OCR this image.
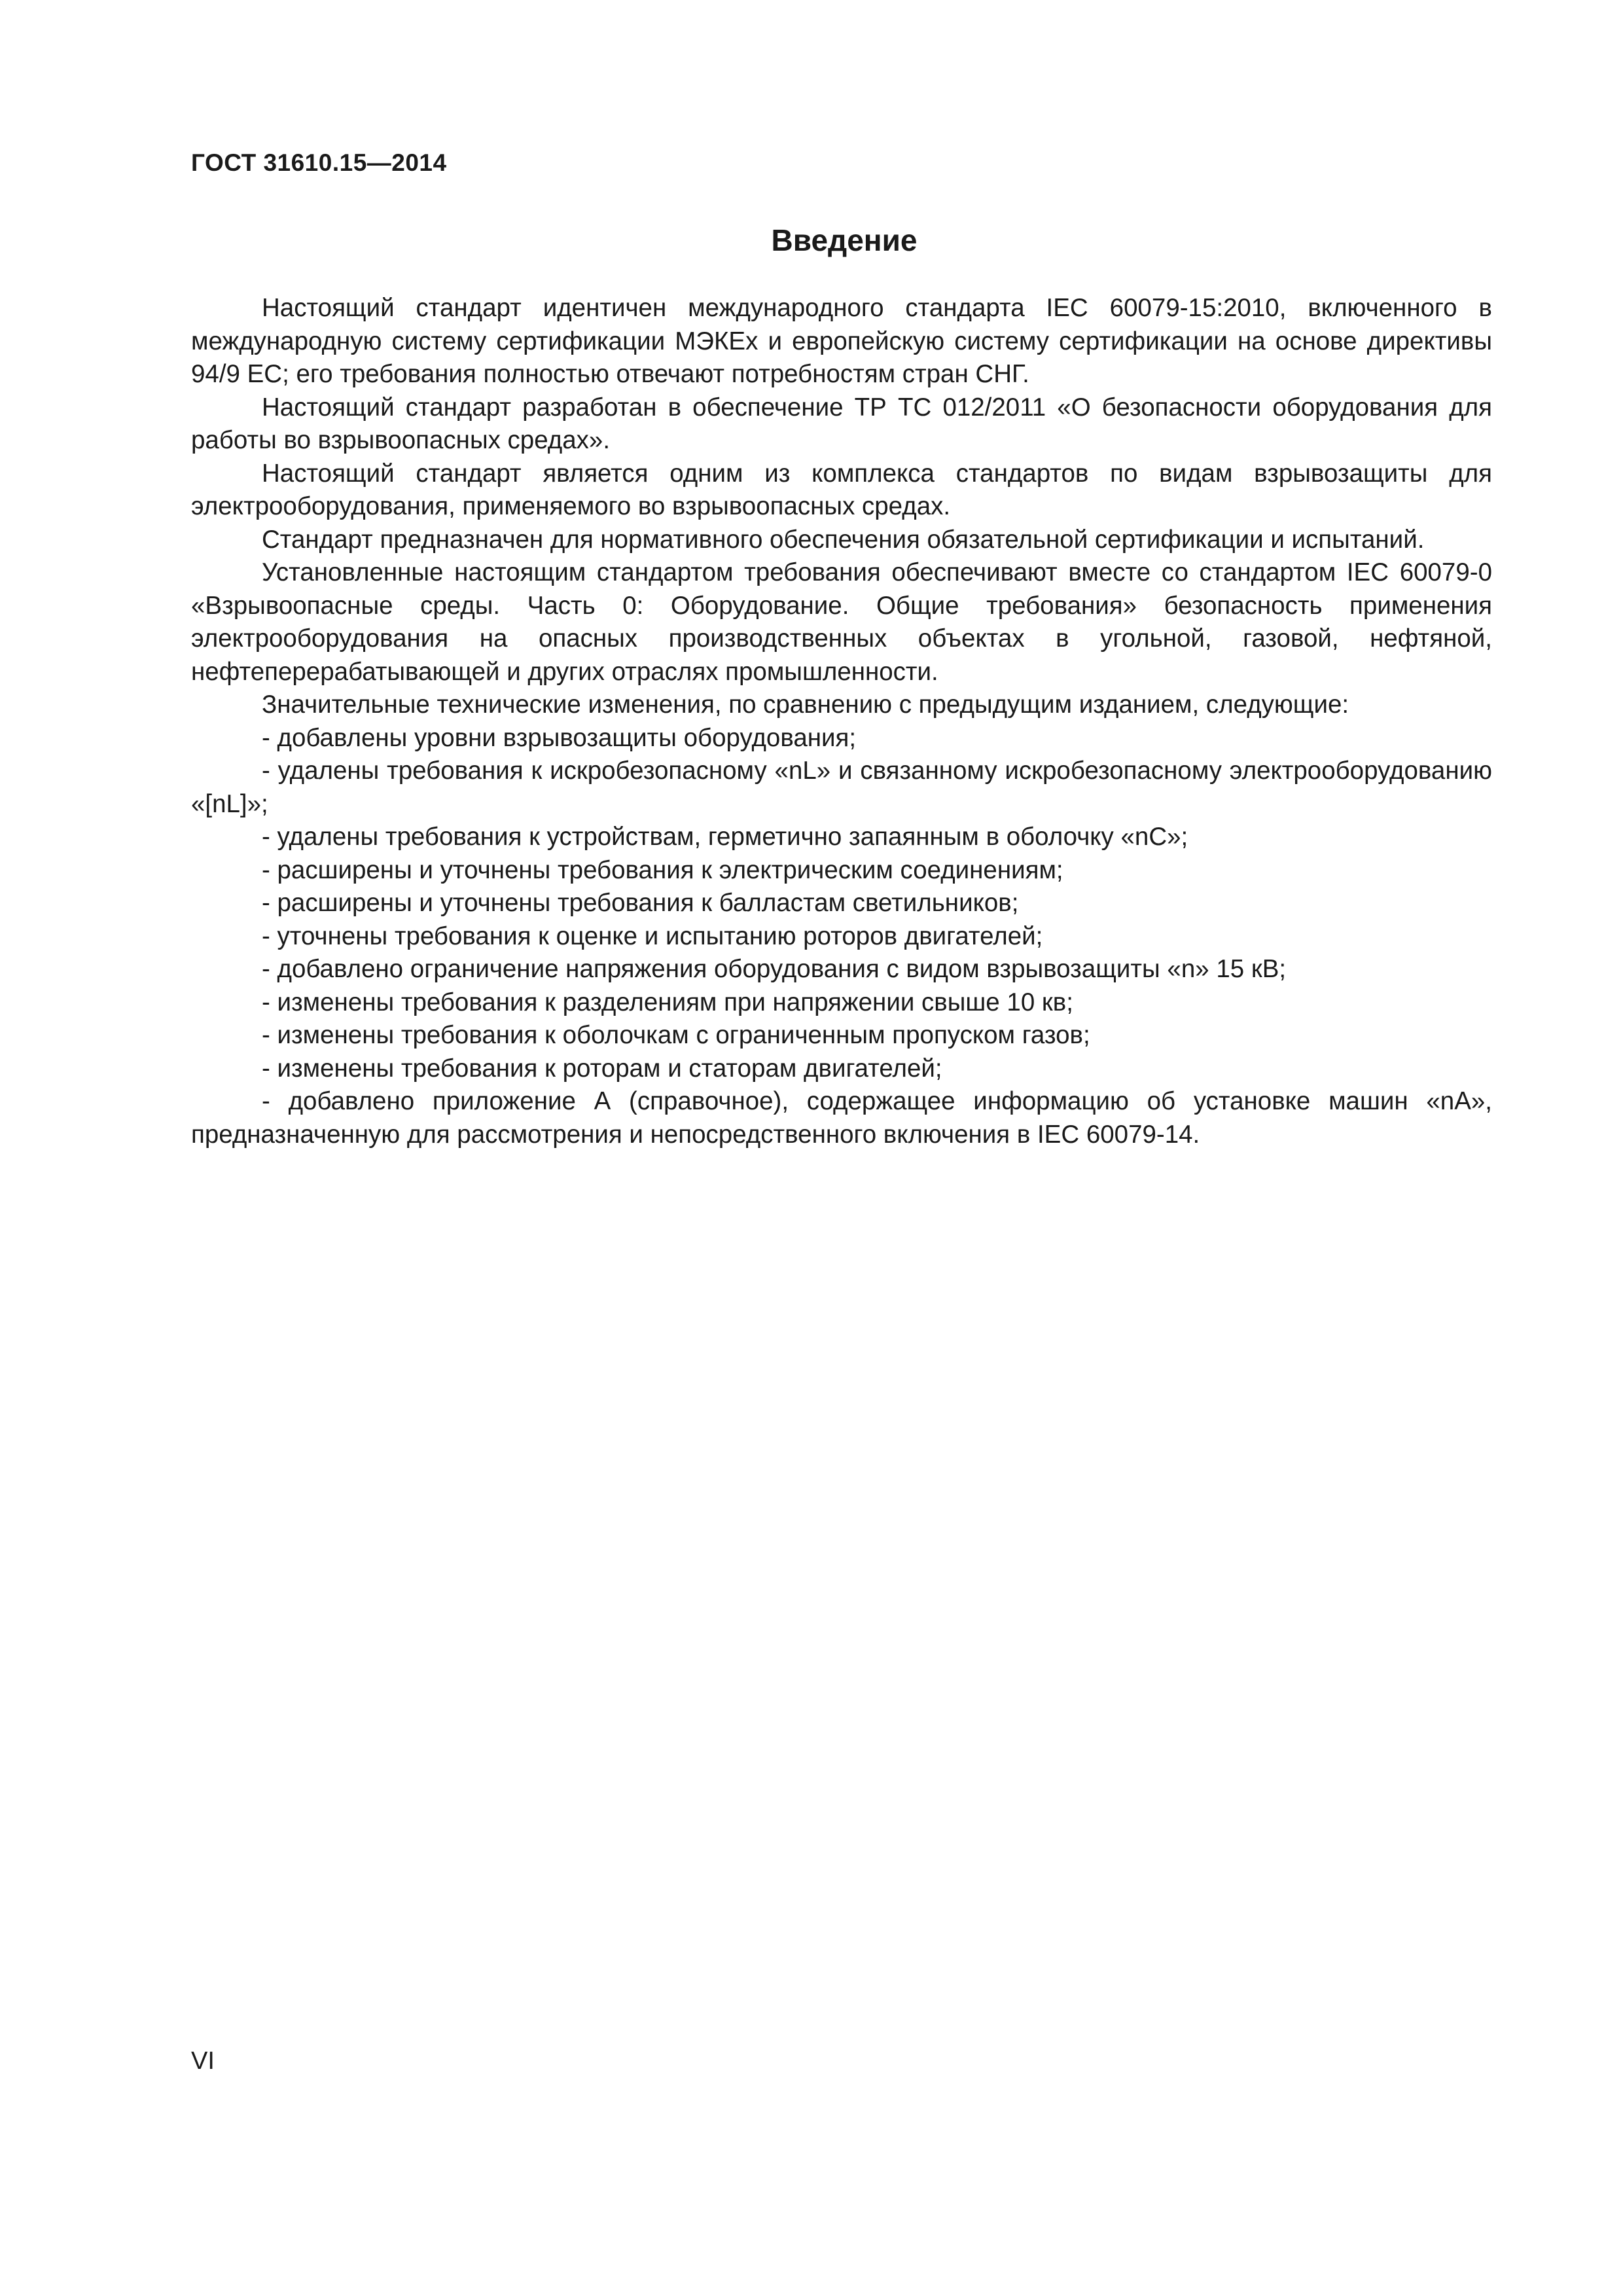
ГОСТ 31610.15—2014
Введение

Настоящий стандарт идентичен международного стандарта IEC 60079-15:2010, включенного в международную систему сертификации МЭКЕх и европейскую систему сертификации на основе директивы 94/9 ЕС; его требования полностью отвечают потребностям стран СНГ.

Настоящий стандарт разработан в обеспечение ТР ТС 012/2011 «О безопасности оборудования для работы во взрывоопасных средах».

Настоящий стандарт является одним из комплекса стандартов по видам взрывозащиты для электрооборудования, применяемого во взрывоопасных средах.

Стандарт предназначен для нормативного обеспечения обязательной сертификации и испытаний.

Установленные настоящим стандартом требования обеспечивают вместе со стандартом IEC 60079-0 «Взрывоопасные среды. Часть 0: Оборудование. Общие требования» безопасность применения электрооборудования на опасных производственных объектах в угольной, газовой, нефтяной, нефтеперерабатывающей и других отраслях промышленности.

Значительные технические изменения, по сравнению с предыдущим изданием, следующие:

- добавлены уровни взрывозащиты оборудования;

- удалены требования к искробезопасному «nL» и связанному искробезопасному электрооборудованию «[nL]»;

- удалены требования к устройствам, герметично запаянным в оболочку «nC»;

- расширены и уточнены требования к электрическим соединениям;

- расширены и уточнены требования к балластам светильников;

- уточнены требования к оценке и испытанию роторов двигателей;

- добавлено ограничение напряжения оборудования с видом взрывозащиты «n» 15 кВ;

- изменены требования к разделениям при напряжении свыше 10 кв;

- изменены требования к оболочкам с ограниченным пропуском газов;

- изменены требования к роторам и статорам двигателей;

- добавлено приложение А (справочное), содержащее информацию об установке машин «nA», предназначенную для рассмотрения и непосредственного включения в IEC 60079-14.

VI
